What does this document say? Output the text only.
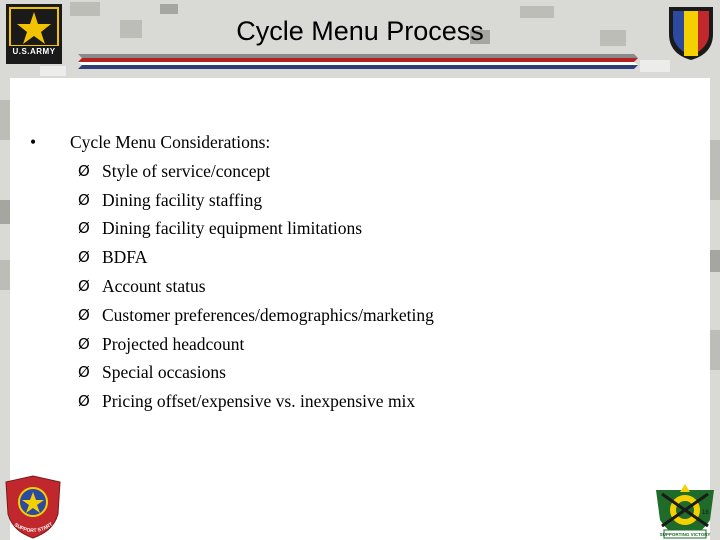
U.S.ARMY
Cycle Menu Process
• Cycle Menu Considerations:
Ø Style of service/concept
Ø Dining facility staffing
Ø Dining facility equipment limitations
Ø BDFA
Ø Account status
Ø Customer preferences/demographics/marketing
Ø Projected headcount
Ø Special occasions
Ø Pricing offset/expensive vs. inexpensive mix
SUPPORT START
SUPPORTING VICTORY
16
